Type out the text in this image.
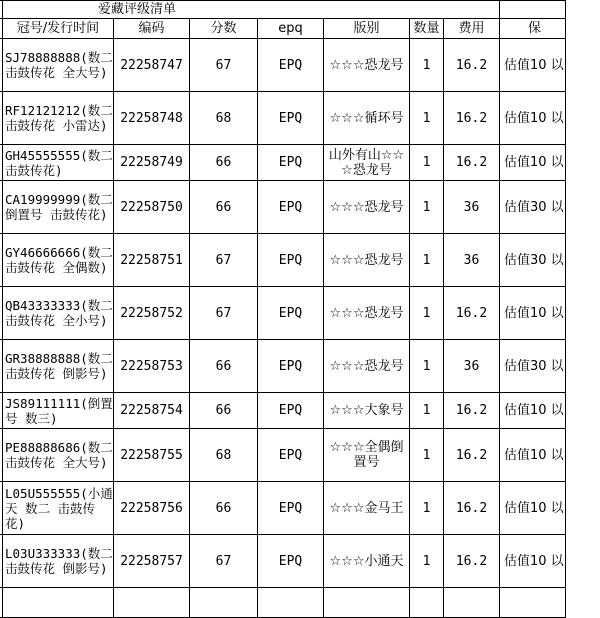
	爱藏评级清单							
	冠号/发行时间	编码	分数	epq	版别	数量	费用	保
	SJ78888888(数二 击鼓传花 全大号)	22258747	67	EPQ	☆☆☆恐龙号	1	16.2	估值10 以
	RF12121212(数二 击鼓传花 小雷达)	22258748	68	EPQ	☆☆☆循环号	1	16.2	估值10 以
	GH45555555(数二 击鼓传花)	22258749	66	EPQ	山外有山☆☆☆恐龙号	1	16.2	估值10 以
	CA19999999(数二 倒置号 击鼓传花)	22258750	66	EPQ	☆☆☆恐龙号	1	36	估值30 以
	GY46666666(数二 击鼓传花 全偶数)	22258751	67	EPQ	☆☆☆恐龙号	1	36	估值30 以
	QB43333333(数二 击鼓传花 全小号)	22258752	67	EPQ	☆☆☆恐龙号	1	16.2	估值10 以
	GR38888888(数二 击鼓传花 倒影号)	22258753	66	EPQ	☆☆☆恐龙号	1	36	估值30 以
	JS89111111(倒置号 数三)	22258754	66	EPQ	☆☆☆大象号	1	16.2	估值10 以
	PE88888686(数二 击鼓传花 全大号)	22258755	68	EPQ	☆☆☆全偶倒置号	1	16.2	估值10 以
	L05U555555(小通天 数二 击鼓传花)	22258756	66	EPQ	☆☆☆金马王	1	16.2	估值10 以
	L03U333333(数二 击鼓传花 倒影号)	22258757	67	EPQ	☆☆☆小通天	1	16.2	估值10 以
